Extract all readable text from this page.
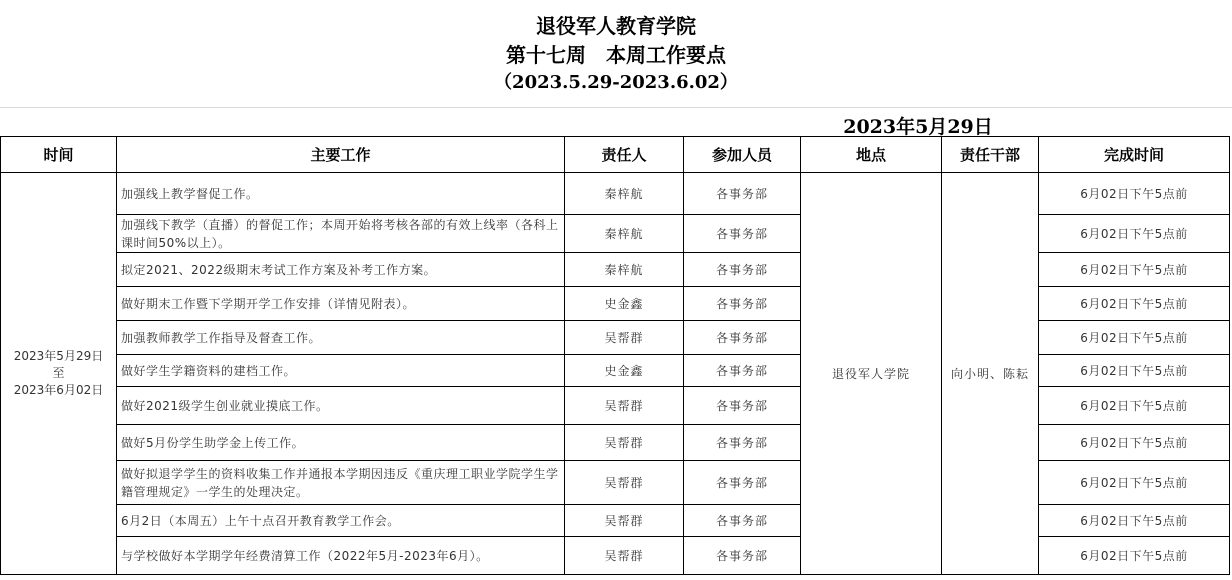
退役军人教育学院
第十七周　本周工作要点
（2023.5.29-2023.6.02）
2023年5月29日
时间	主要工作	责任人	参加人员	地点	责任干部	完成时间

2023年5月29日
至
2023年6月02日	加强线上教学督促工作。	秦梓航	各事务部	退役军人学院	向小明、陈耘	6月02日下午5点前
	加强线下教学（直播）的督促工作；本周开始将考核各部的有效上线率（各科上课时间50%以上）。	秦梓航	各事务部			6月02日下午5点前
	拟定2021、2022级期末考试工作方案及补考工作方案。	秦梓航	各事务部			6月02日下午5点前
	做好期末工作暨下学期开学工作安排（详情见附表）。	史金鑫	各事务部			6月02日下午5点前
	加强教师教学工作指导及督查工作。	吴帮群	各事务部			6月02日下午5点前
	做好学生学籍资料的建档工作。	史金鑫	各事务部			6月02日下午5点前
	做好2021级学生创业就业摸底工作。	吴帮群	各事务部			6月02日下午5点前
	做好5月份学生助学金上传工作。	吴帮群	各事务部			6月02日下午5点前
	做好拟退学学生的资料收集工作并通报本学期因违反《重庆理工职业学院学生学籍管理规定》一学生的处理决定。	吴帮群	各事务部			6月02日下午5点前
	6月2日（本周五）上午十点召开教育教学工作会。	吴帮群	各事务部			6月02日下午5点前
	与学校做好本学期学年经费清算工作（2022年5月-2023年6月）。	吴帮群	各事务部			6月02日下午5点前
